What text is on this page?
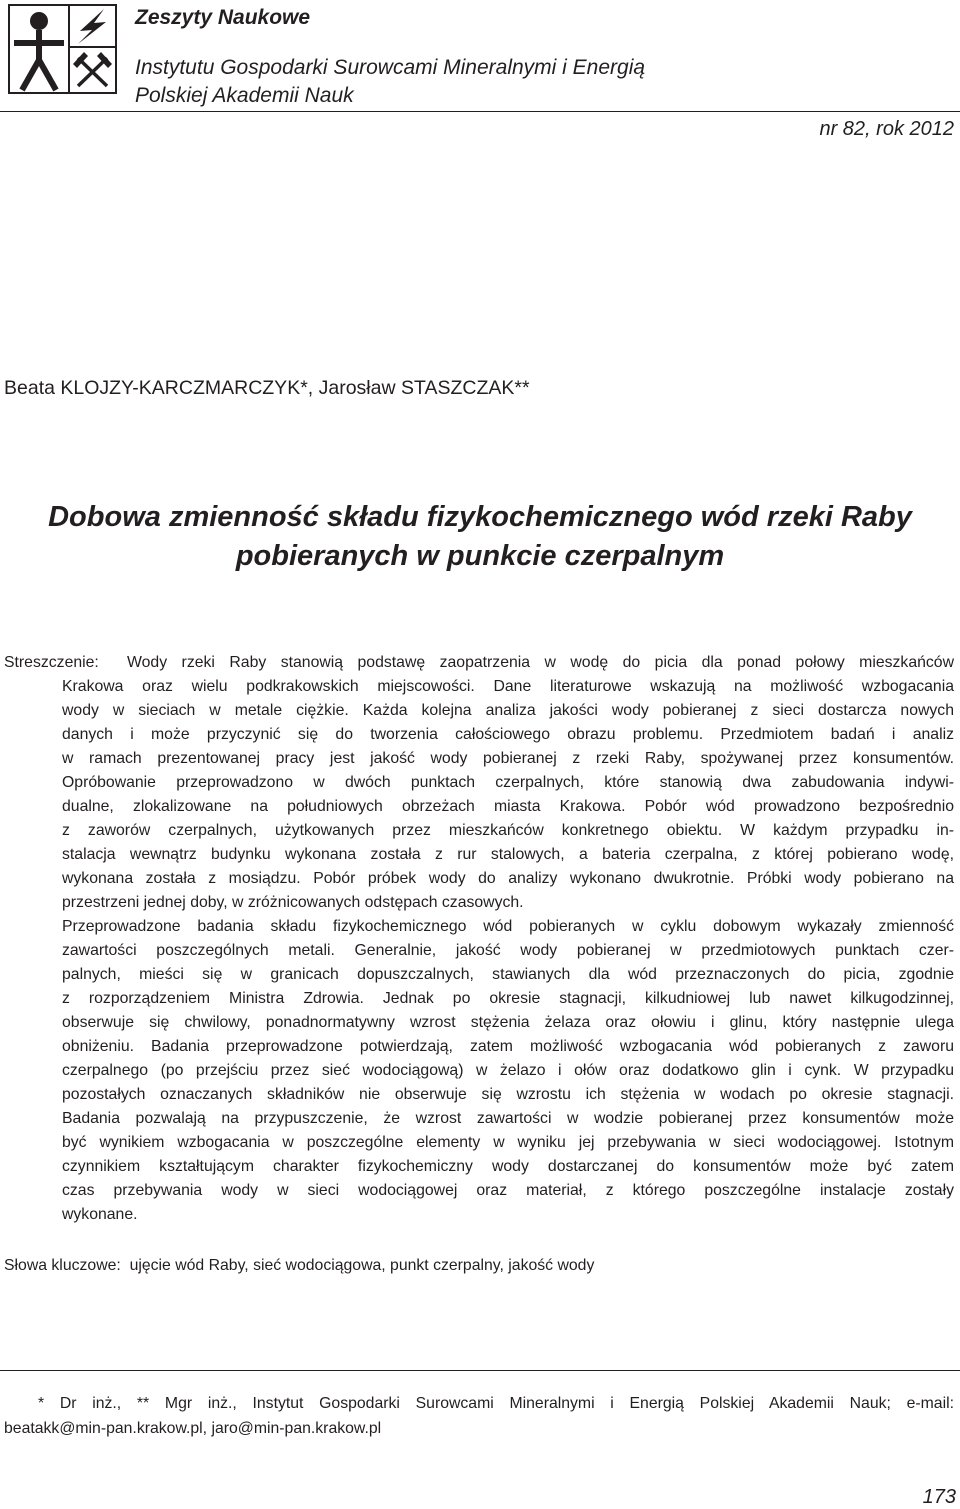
Zeszyty Naukowe
Instytutu Gospodarki Surowcami Mineralnymi i Energią
Polskiej Akademii Nauk
nr 82, rok 2012
Beata KLOJZY-KARCZMARCZYK*, Jarosław STASZCZAK**
Dobowa zmienność składu fizykochemicznego wód rzeki Raby
pobieranych w punkcie czerpalnym
Streszczenie: Wody rzeki Raby stanowią podstawę zaopatrzenia w wodę do picia dla ponad połowy mieszkańców
Krakowa oraz wielu podkrakowskich miejscowości. Dane literaturowe wskazują na możliwość wzbogacania
wody w sieciach w metale ciężkie. Każda kolejna analiza jakości wody pobieranej z sieci dostarcza nowych
danych i może przyczynić się do tworzenia całościowego obrazu problemu. Przedmiotem badań i analiz
w ramach prezentowanej pracy jest jakość wody pobieranej z rzeki Raby, spożywanej przez konsumentów.
Opróbowanie przeprowadzono w dwóch punktach czerpalnych, które stanowią dwa zabudowania indywi-
dualne, zlokalizowane na południowych obrzeżach miasta Krakowa. Pobór wód prowadzono bezpośrednio
z zaworów czerpalnych, użytkowanych przez mieszkańców konkretnego obiektu. W każdym przypadku in-
stalacja wewnątrz budynku wykonana została z rur stalowych, a bateria czerpalna, z której pobierano wodę,
wykonana została z mosiądzu. Pobór próbek wody do analizy wykonano dwukrotnie. Próbki wody pobierano na
przestrzeni jednej doby, w zróżnicowanych odstępach czasowych.
Przeprowadzone badania składu fizykochemicznego wód pobieranych w cyklu dobowym wykazały zmienność
zawartości poszczególnych metali. Generalnie, jakość wody pobieranej w przedmiotowych punktach czer-
palnych, mieści się w granicach dopuszczalnych, stawianych dla wód przeznaczonych do picia, zgodnie
z rozporządzeniem Ministra Zdrowia. Jednak po okresie stagnacji, kilkudniowej lub nawet kilkugodzinnej,
obserwuje się chwilowy, ponadnormatywny wzrost stężenia żelaza oraz ołowiu i glinu, który następnie ulega
obniżeniu. Badania przeprowadzone potwierdzają, zatem możliwość wzbogacania wód pobieranych z zaworu
czerpalnego (po przejściu przez sieć wodociągową) w żelazo i ołów oraz dodatkowo glin i cynk. W przypadku
pozostałych oznaczanych składników nie obserwuje się wzrostu ich stężenia w wodach po okresie stagnacji.
Badania pozwalają na przypuszczenie, że wzrost zawartości w wodzie pobieranej przez konsumentów może
być wynikiem wzbogacania w poszczególne elementy w wyniku jej przebywania w sieci wodociągowej. Istotnym
czynnikiem kształtującym charakter fizykochemiczny wody dostarczanej do konsumentów może być zatem
czas przebywania wody w sieci wodociągowej oraz materiał, z którego poszczególne instalacje zostały
wykonane.
Słowa kluczowe: ujęcie wód Raby, sieć wodociągowa, punkt czerpalny, jakość wody
* Dr inż., ** Mgr inż., Instytut Gospodarki Surowcami Mineralnymi i Energią Polskiej Akademii Nauk; e-mail:
beatakk@min-pan.krakow.pl, jaro@min-pan.krakow.pl
173
